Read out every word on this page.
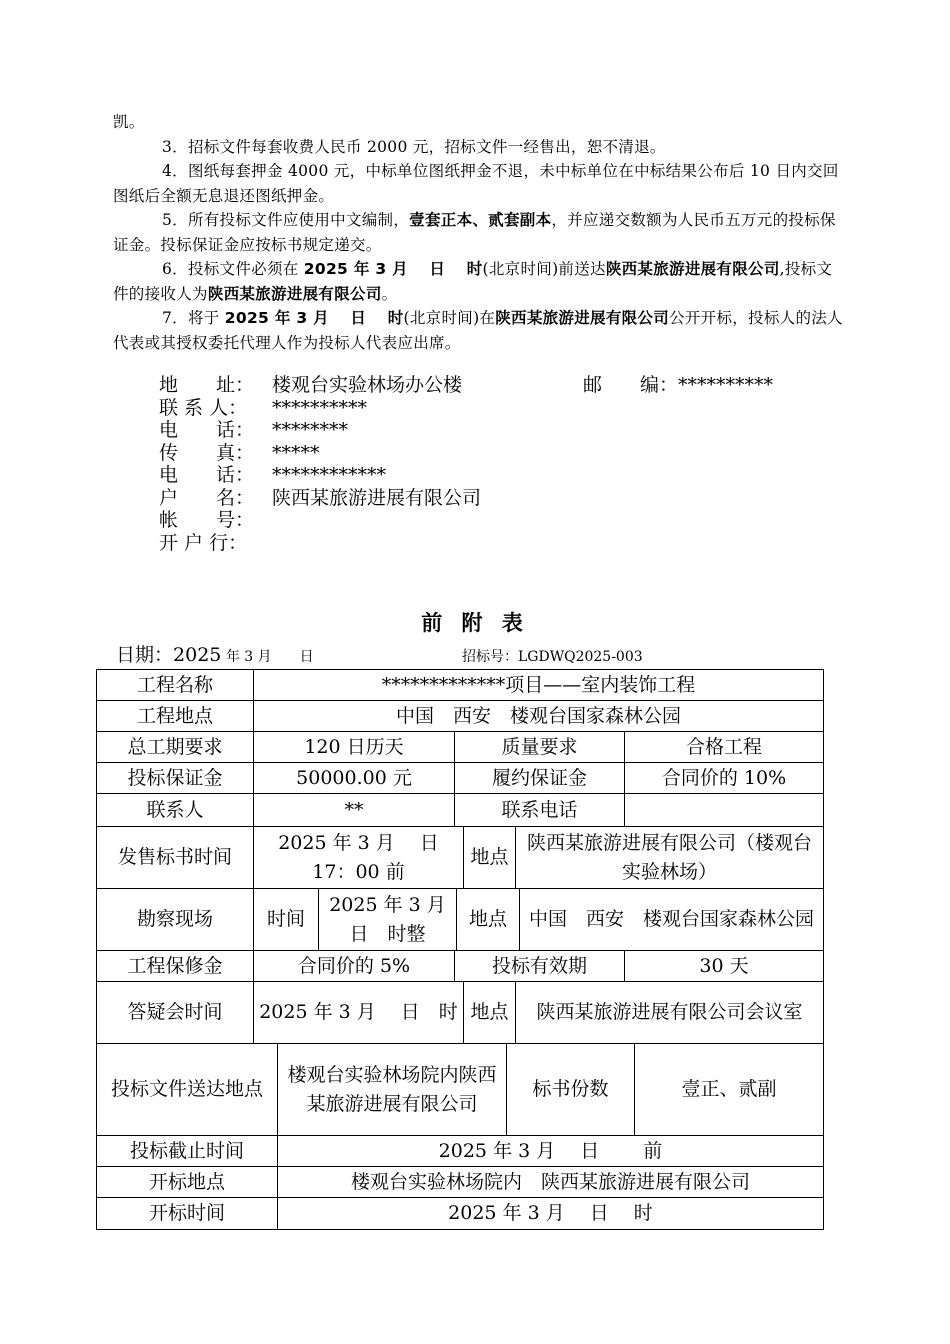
凯。

3．招标文件每套收费人民币 2000 元，招标文件一经售出，恕不清退。

4．图纸每套押金 4000 元，中标单位图纸押金不退，未中标单位在中标结果公布后 10 日内交回图纸后全额无息退还图纸押金。

5．所有投标文件应使用中文编制，壹套正本、贰套副本，并应递交数额为人民币五万元的投标保证金。投标保证金应按标书规定递交。

6．投标文件必须在 2025 年 3 月　 日　 时(北京时间)前送达陕西某旅游进展有限公司,投标文件的接收人为陕西某旅游进展有限公司。

7．将于 2025 年 3 月　 日　 时(北京时间)在陕西某旅游进展有限公司公开开标，投标人的法人代表或其授权委托代理人作为投标人代表应出席。

地　　址： 楼观台实验林场办公楼	邮　　编：**********
联 系 人： **********
电　　话： ********
传　　真： *****
电　　话： ************
户　　名： 陕西某旅游进展有限公司
帐　　号：
开 户 行：
前 附 表
日期：2025 年 3 月　　日	招标号：LGDWQ2025-003
工程名称	*************项目——室内装饰工程		
工程地点	中国　西安　楼观台国家森林公园		
总工期要求	120 日历天	质量要求	合格工程
投标保证金	50000.00 元	履约保证金	合同价的 10%
联系人	**	联系电话	
发售标书时间	2025 年 3 月　 日 17：00 前	地点	陕西某旅游进展有限公司（楼观台实验林场）
勘察现场	时间	2025 年 3 月　日　时整	地点	中国　西安　楼观台国家森林公园
工程保修金	合同价的 5%	投标有效期	30 天
答疑会时间	2025 年 3 月　 日　时	地点	陕西某旅游进展有限公司会议室
投标文件送达地点	楼观台实验林场院内陕西某旅游进展有限公司	标书份数	壹正、贰副
投标截止时间	2025 年 3 月　 日　　 前
开标地点	楼观台实验林场院内　陕西某旅游进展有限公司
开标时间	2025 年 3 月　 日　 时
